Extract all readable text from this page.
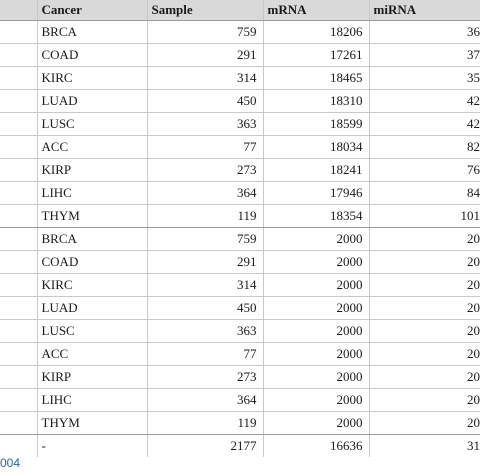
	Cancer	Sample	mRNA	miRNA
	BRCA	759	18206	36
	COAD	291	17261	37
	KIRC	314	18465	35
	LUAD	450	18310	42
	LUSC	363	18599	42
	ACC	77	18034	82
	KIRP	273	18241	76
	LIHC	364	17946	84
	THYM	119	18354	101
	BRCA	759	2000	20
	COAD	291	2000	20
	KIRC	314	2000	20
	LUAD	450	2000	20
	LUSC	363	2000	20
	ACC	77	2000	20
	KIRP	273	2000	20
	LIHC	364	2000	20
	THYM	119	2000	20
	-	2177	16636	31
004
